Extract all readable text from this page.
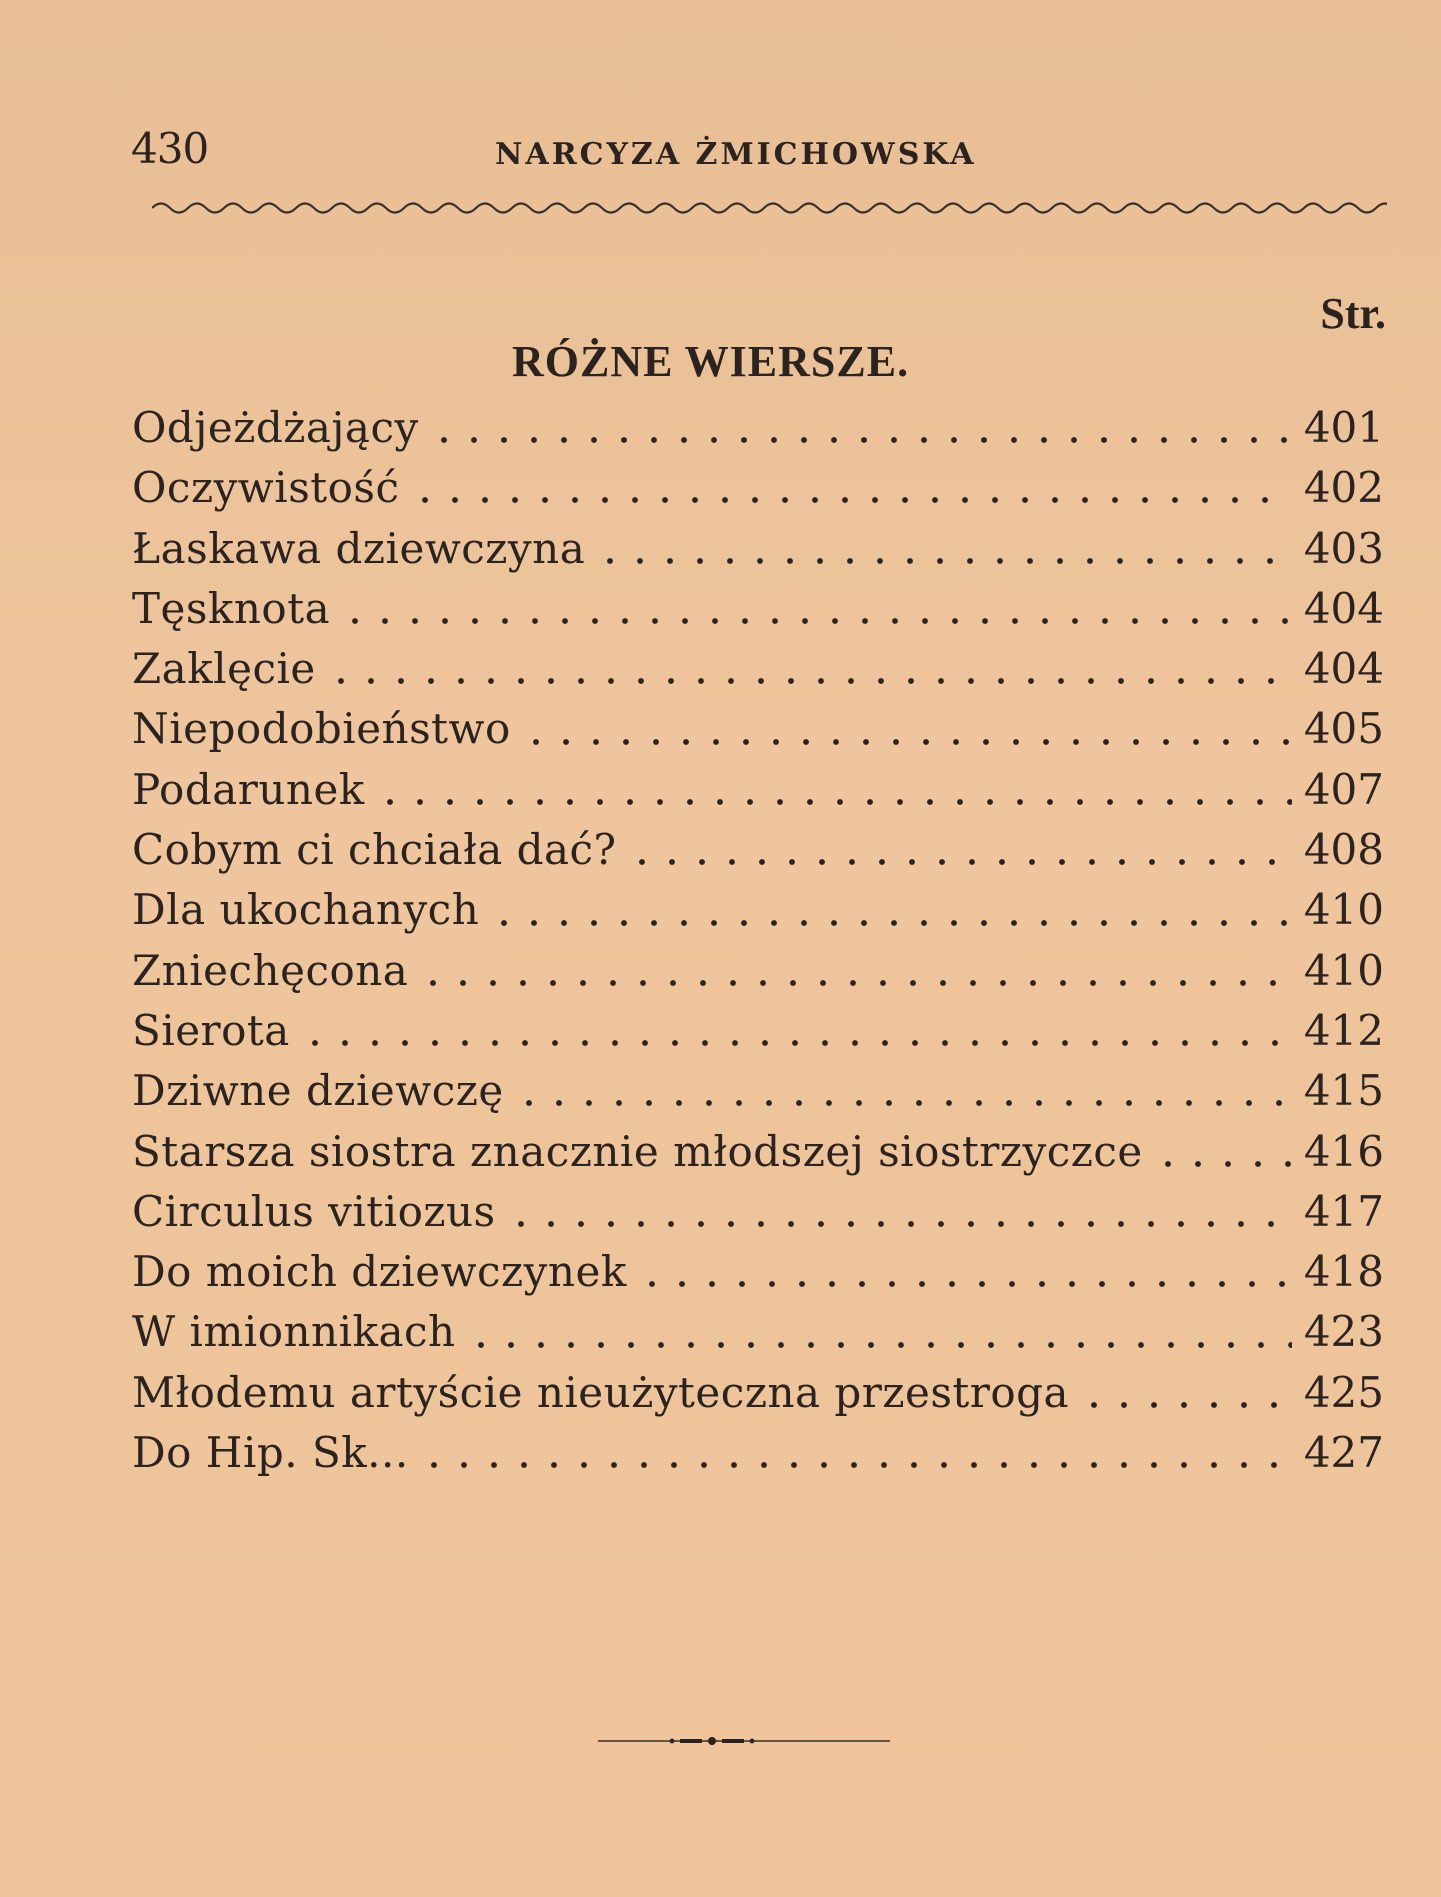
430	NARCYZA ŻMICHOWSKA
Str.
RÓŻNE WIERSZE.
Odjeżdżający	401
Oczywistość	402
Łaskawa dziewczyna	403
Tęsknota	404
Zaklęcie	404
Niepodobieństwo	405
Podarunek	407
Cobym ci chciała dać?	408
Dla ukochanych	410
Zniechęcona	410
Sierota	412
Dziwne dziewczę	415
Starsza siostra znacznie młodszej siostrzyczce	416
Circulus vitiozus	417
Do moich dziewczynek	418
W imionnikach	423
Młodemu artyście nieużyteczna przestroga	425
Do Hip. Sk...	427
